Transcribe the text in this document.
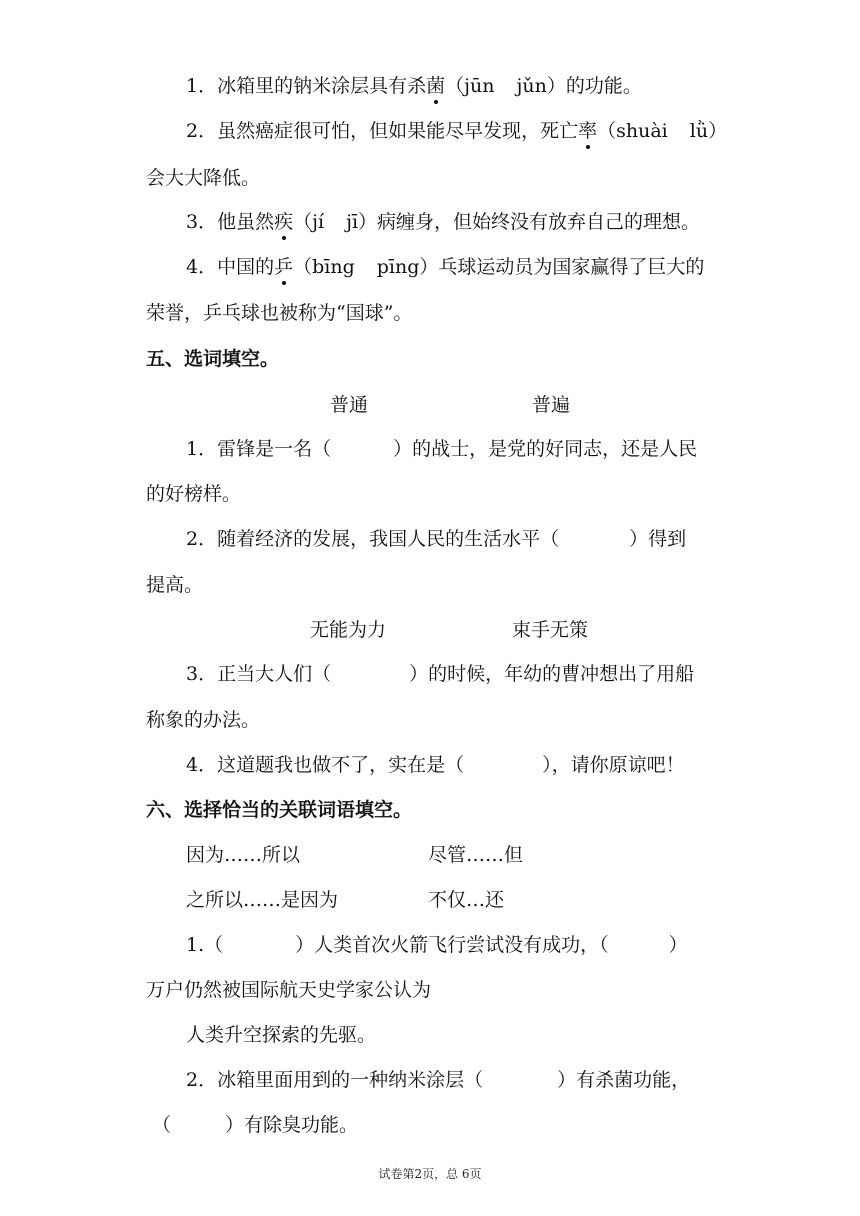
1．冰箱里的钠米涂层具有杀菌（jūn jǔn）的功能。
2．虽然癌症很可怕，但如果能尽早发现，死亡率（shuài lǜ）
会大大降低。
3．他虽然疾（jí jī）病缠身，但始终没有放弃自己的理想。
4．中国的乒（bīng pīng）乓球运动员为国家赢得了巨大的
荣誉，乒乓球也被称为“国球”。
五、选词填空。
普通	普遍
1．雷锋是一名（	）的战士，是党的好同志，还是人民
的好榜样。
2．随着经济的发展，我国人民的生活水平（	）得到
提高。
无能为力	束手无策
3．正当大人们（	）的时候，年幼的曹冲想出了用船
称象的办法。
4．这道题我也做不了，实在是（	），请你原谅吧！
六、选择恰当的关联词语填空。
因为……所以	尽管……但
之所以……是因为	不仅…还
1.（	）人类首次火箭飞行尝试没有成功，（	）
万户仍然被国际航天史学家公认为
人类升空探索的先驱。
2．冰箱里面用到的一种纳米涂层（	）有杀菌功能，
（	）有除臭功能。
试卷第2页，总 6页
